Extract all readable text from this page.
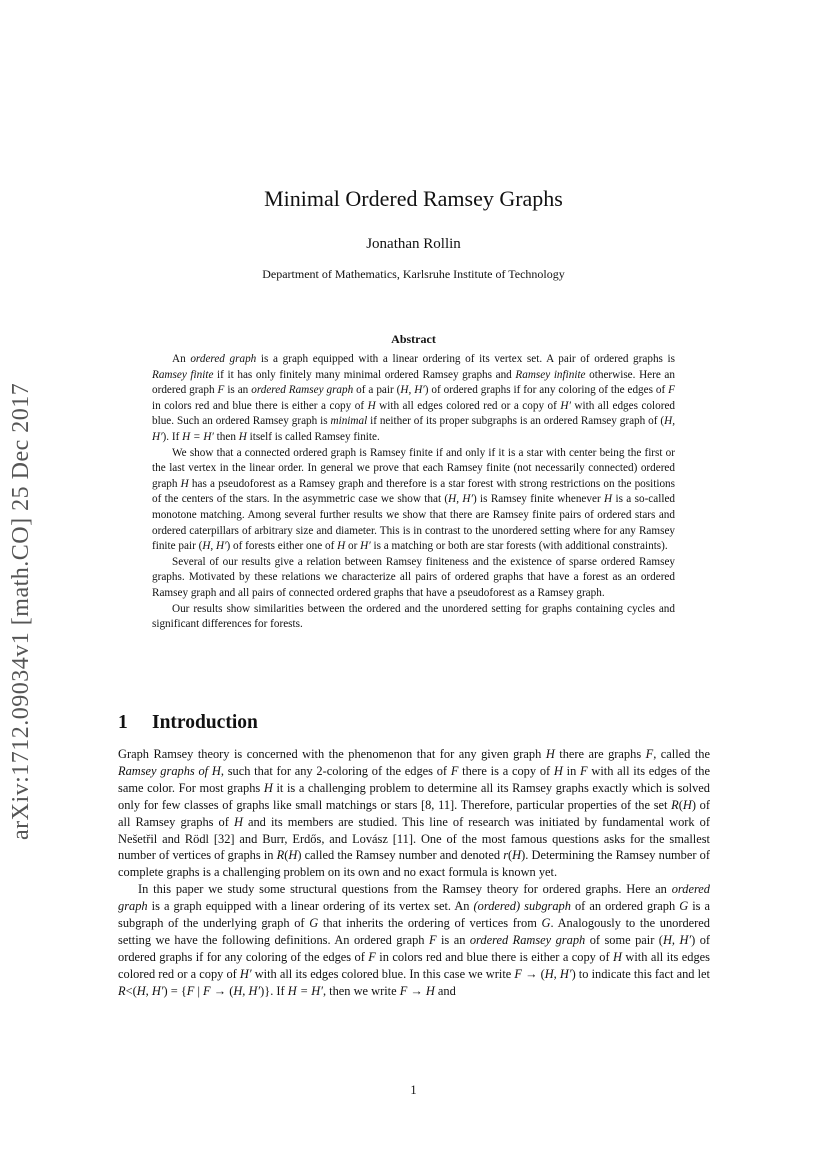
arXiv:1712.09034v1 [math.CO] 25 Dec 2017
Minimal Ordered Ramsey Graphs
Jonathan Rollin
Department of Mathematics, Karlsruhe Institute of Technology
Abstract

An ordered graph is a graph equipped with a linear ordering of its vertex set. A pair of ordered graphs is Ramsey finite if it has only finitely many minimal ordered Ramsey graphs and Ramsey infinite otherwise. Here an ordered graph F is an ordered Ramsey graph of a pair (H, H′) of ordered graphs if for any coloring of the edges of F in colors red and blue there is either a copy of H with all edges colored red or a copy of H′ with all edges colored blue. Such an ordered Ramsey graph is minimal if neither of its proper subgraphs is an ordered Ramsey graph of (H, H′). If H = H′ then H itself is called Ramsey finite.

We show that a connected ordered graph is Ramsey finite if and only if it is a star with center being the first or the last vertex in the linear order. In general we prove that each Ramsey finite (not necessarily connected) ordered graph H has a pseudoforest as a Ramsey graph and therefore is a star forest with strong restrictions on the positions of the centers of the stars. In the asymmetric case we show that (H, H′) is Ramsey finite whenever H is a so-called monotone matching. Among several further results we show that there are Ramsey finite pairs of ordered stars and ordered caterpillars of arbitrary size and diameter. This is in contrast to the unordered setting where for any Ramsey finite pair (H, H′) of forests either one of H or H′ is a matching or both are star forests (with additional constraints).

Several of our results give a relation between Ramsey finiteness and the existence of sparse ordered Ramsey graphs. Motivated by these relations we characterize all pairs of ordered graphs that have a forest as an ordered Ramsey graph and all pairs of connected ordered graphs that have a pseudoforest as a Ramsey graph.

Our results show similarities between the ordered and the unordered setting for graphs containing cycles and significant differences for forests.

1 Introduction

Graph Ramsey theory is concerned with the phenomenon that for any given graph H there are graphs F, called the Ramsey graphs of H, such that for any 2-coloring of the edges of F there is a copy of H in F with all its edges of the same color. For most graphs H it is a challenging problem to determine all its Ramsey graphs exactly which is solved only for few classes of graphs like small matchings or stars [8, 11]. Therefore, particular properties of the set R(H) of all Ramsey graphs of H and its members are studied. This line of research was initiated by fundamental work of Nešetřil and Rödl [32] and Burr, Erdős, and Lovász [11]. One of the most famous questions asks for the smallest number of vertices of graphs in R(H) called the Ramsey number and denoted r(H). Determining the Ramsey number of complete graphs is a challenging problem on its own and no exact formula is known yet.

In this paper we study some structural questions from the Ramsey theory for ordered graphs. Here an ordered graph is a graph equipped with a linear ordering of its vertex set. An (ordered) subgraph of an ordered graph G is a subgraph of the underlying graph of G that inherits the ordering of vertices from G. Analogously to the unordered setting we have the following definitions. An ordered graph F is an ordered Ramsey graph of some pair (H, H′) of ordered graphs if for any coloring of the edges of F in colors red and blue there is either a copy of H with all its edges colored red or a copy of H′ with all its edges colored blue. In this case we write F → (H, H′) to indicate this fact and let R<(H, H′) = {F | F → (H, H′)}. If H = H′, then we write F → H and

1
